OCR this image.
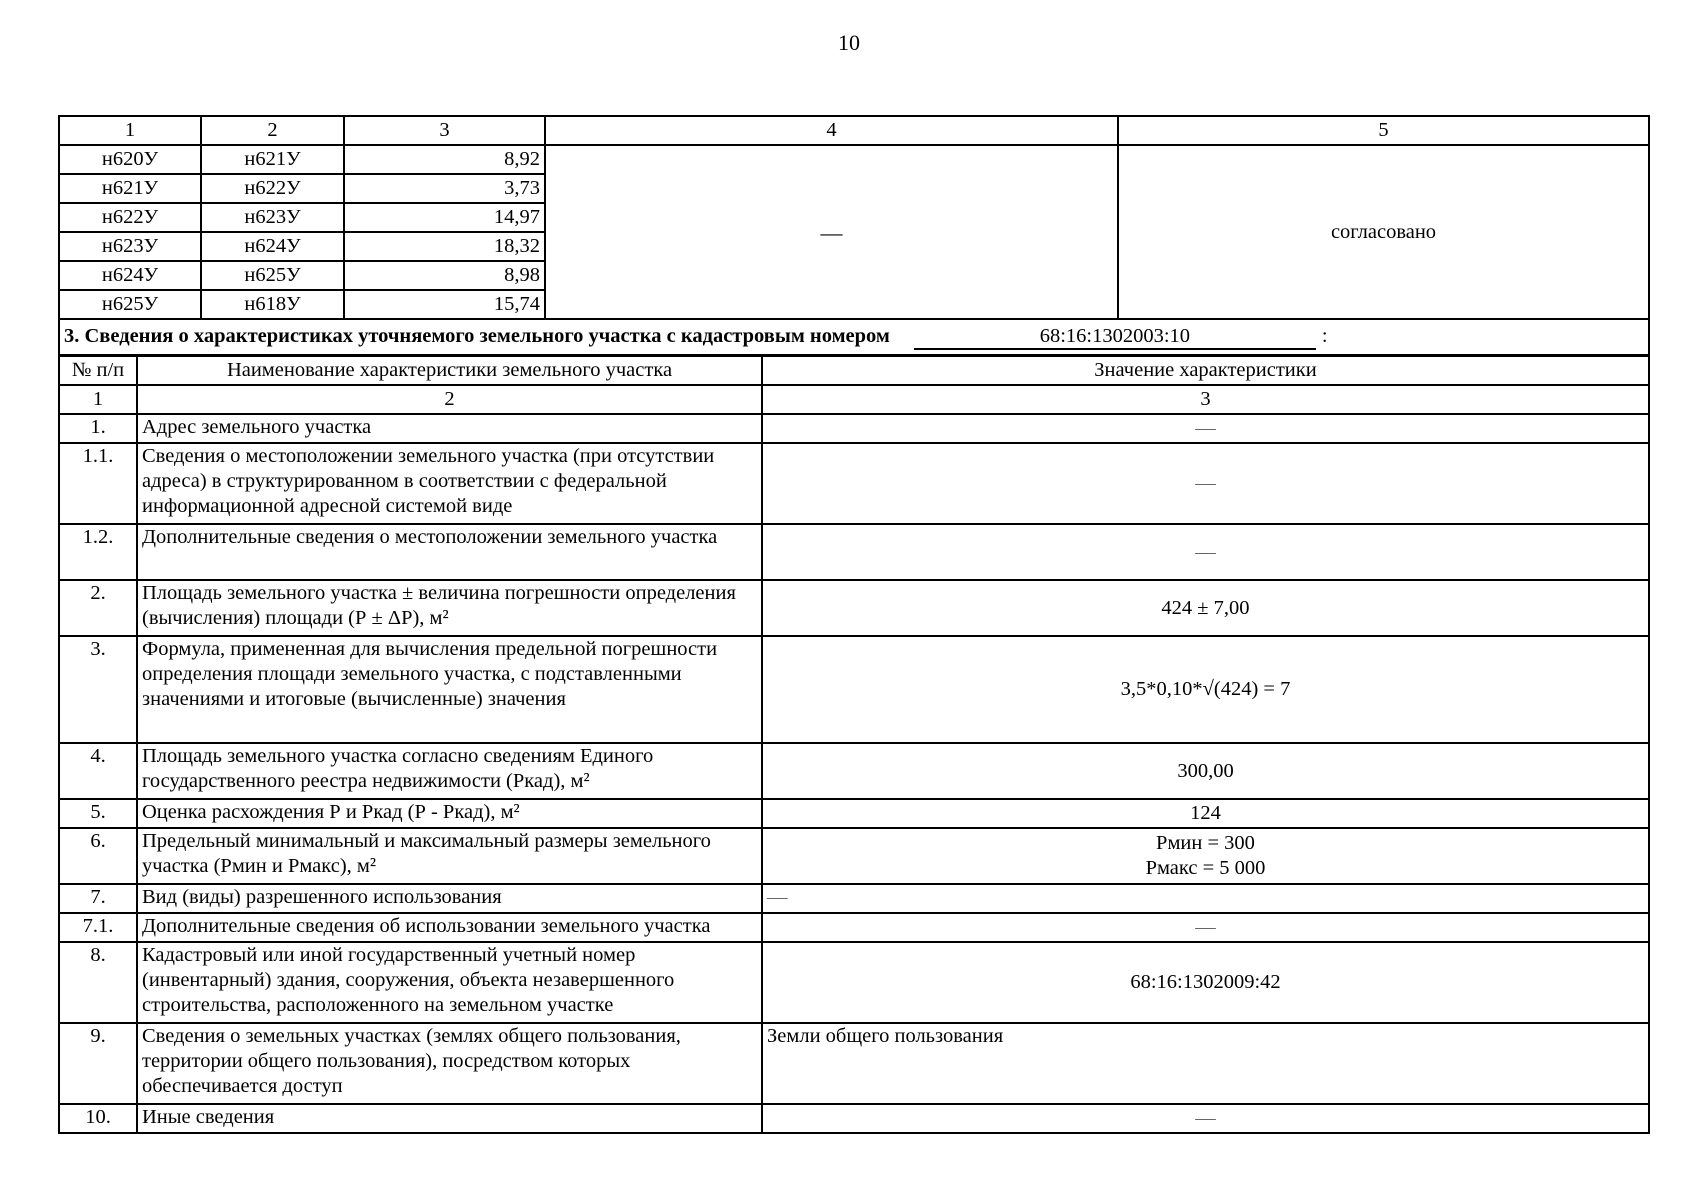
10
1	2	3	4	5
н620У	н621У	8,92	—	согласовано
н621У	н622У	3,73		
н622У	н623У	14,97		
н623У	н624У	18,32		
н624У	н625У	8,98		
н625У	н618У	15,74		
3. Сведения о характеристиках уточняемого земельного участка с кадастровым номером 68:16:1302003:10 :				
№ п/п	Наименование характеристики земельного участка	Значение характеристики
1	2	3
1.	Адрес земельного участка	—
1.1.	Сведения о местоположении земельного участка (при отсутствии адреса) в структурированном в соответствии с федеральной информационной адресной системой виде	—
1.2.	Дополнительные сведения о местоположении земельного участка	—
2.	Площадь земельного участка ± величина погрешности определения (вычисления) площади (Р ± ΔР), м²	424 ± 7,00
3.	Формула, примененная для вычисления предельной погрешности определения площади земельного участка, с подставленными значениями и итоговые (вычисленные) значения	3,5*0,10*√(424) = 7
4.	Площадь земельного участка согласно сведениям Единого государственного реестра недвижимости (Ркад), м²	300,00
5.	Оценка расхождения Р и Ркад (Р - Ркад), м²	124
6.	Предельный минимальный и максимальный размеры земельного участка (Рмин и Рмакс), м²	Рмин = 300
Рмакс = 5 000

7.	Вид (виды) разрешенного использования	—
7.1.	Дополнительные сведения об использовании земельного участка	—
8.	Кадастровый или иной государственный учетный номер (инвентарный) здания, сооружения, объекта незавершенного строительства, расположенного на земельном участке	68:16:1302009:42
9.	Сведения о земельных участках (землях общего пользования, территории общего пользования), посредством которых обеспечивается доступ	Земли общего пользования
10.	Иные сведения	—
